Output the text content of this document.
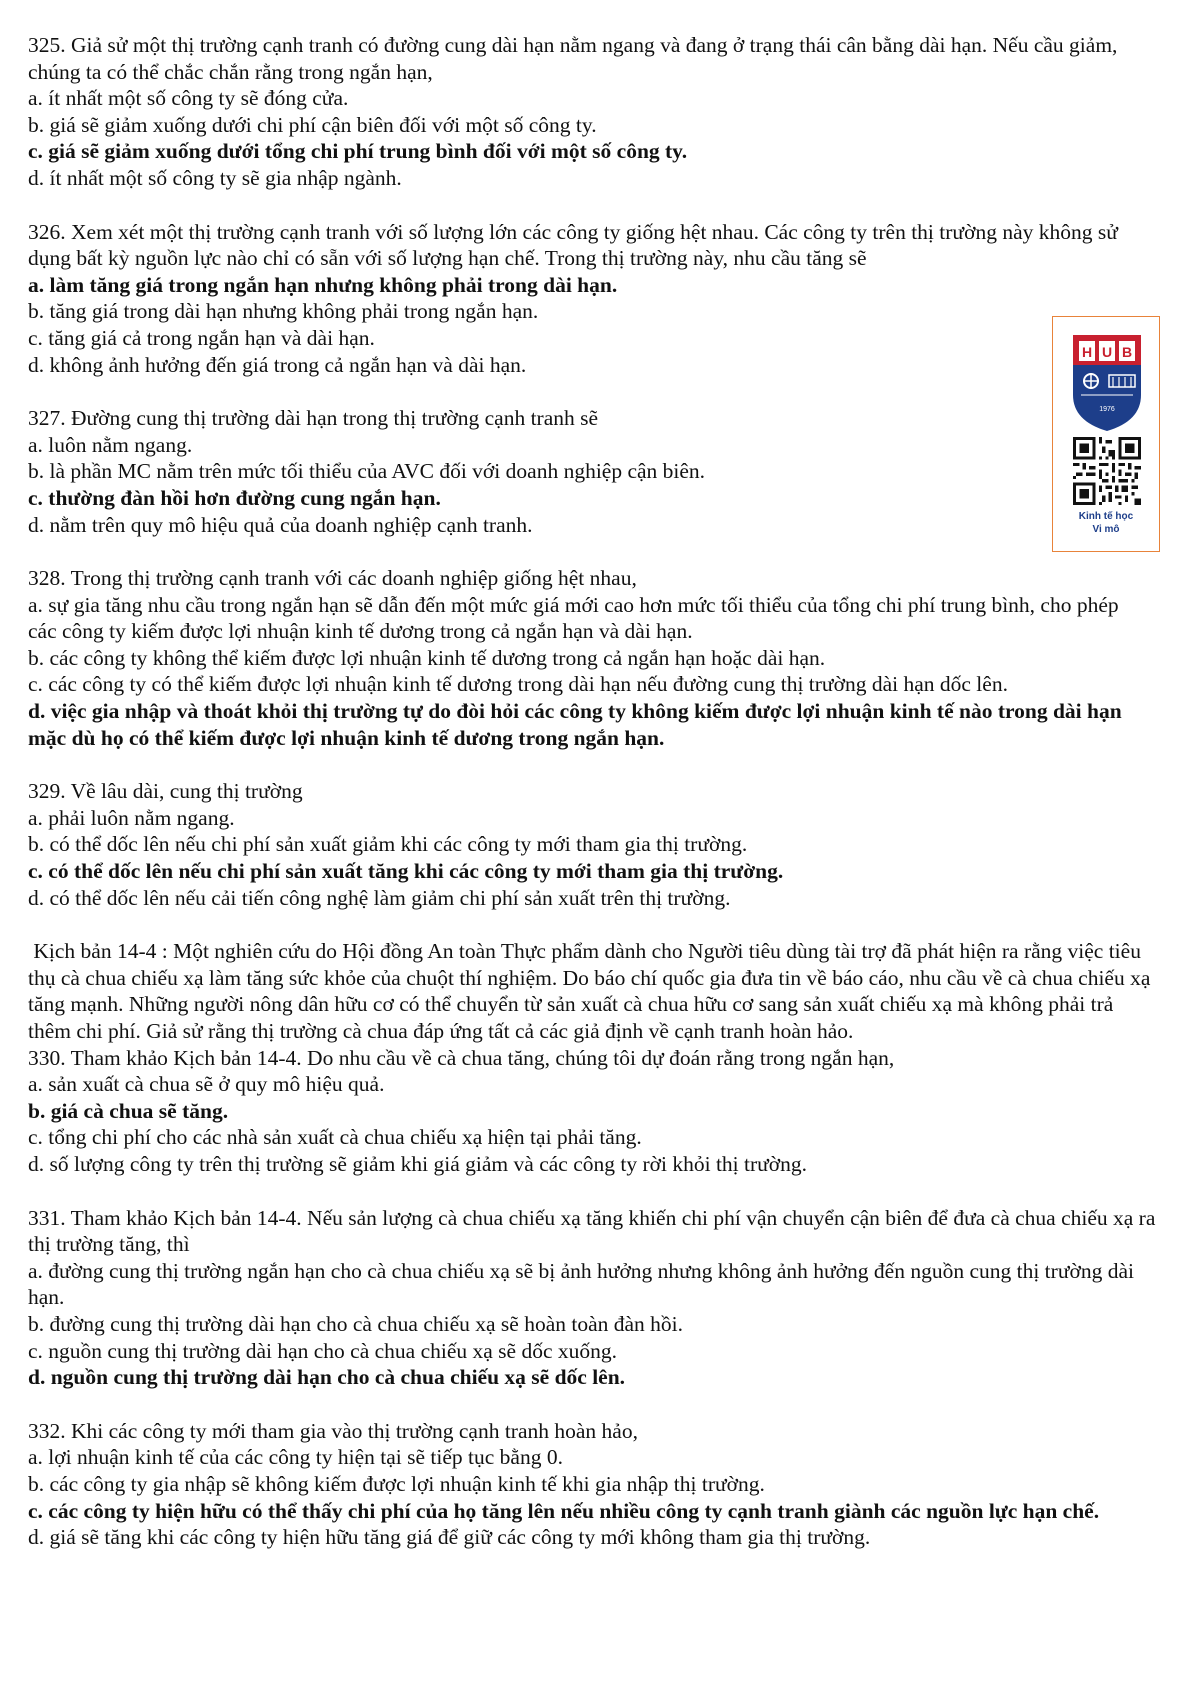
325. Giả sử một thị trường cạnh tranh có đường cung dài hạn nằm ngang và đang ở trạng thái cân bằng dài hạn. Nếu cầu giảm, chúng ta có thể chắc chắn rằng trong ngắn hạn,

a. ít nhất một số công ty sẽ đóng cửa.

b. giá sẽ giảm xuống dưới chi phí cận biên đối với một số công ty.

c. giá sẽ giảm xuống dưới tổng chi phí trung bình đối với một số công ty.

d. ít nhất một số công ty sẽ gia nhập ngành.

326. Xem xét một thị trường cạnh tranh với số lượng lớn các công ty giống hệt nhau. Các công ty trên thị trường này không sử dụng bất kỳ nguồn lực nào chỉ có sẵn với số lượng hạn chế. Trong thị trường này, nhu cầu tăng sẽ

a. làm tăng giá trong ngắn hạn nhưng không phải trong dài hạn.

b. tăng giá trong dài hạn nhưng không phải trong ngắn hạn.

c. tăng giá cả trong ngắn hạn và dài hạn.

d. không ảnh hưởng đến giá trong cả ngắn hạn và dài hạn.

327. Đường cung thị trường dài hạn trong thị trường cạnh tranh sẽ

a. luôn nằm ngang.

b. là phần MC nằm trên mức tối thiểu của AVC đối với doanh nghiệp cận biên.

c. thường đàn hồi hơn đường cung ngắn hạn.

d. nằm trên quy mô hiệu quả của doanh nghiệp cạnh tranh.

328. Trong thị trường cạnh tranh với các doanh nghiệp giống hệt nhau,

a. sự gia tăng nhu cầu trong ngắn hạn sẽ dẫn đến một mức giá mới cao hơn mức tối thiểu của tổng chi phí trung bình, cho phép các công ty kiếm được lợi nhuận kinh tế dương trong cả ngắn hạn và dài hạn.

b. các công ty không thể kiếm được lợi nhuận kinh tế dương trong cả ngắn hạn hoặc dài hạn.

c. các công ty có thể kiếm được lợi nhuận kinh tế dương trong dài hạn nếu đường cung thị trường dài hạn dốc lên.

d. việc gia nhập và thoát khỏi thị trường tự do đòi hỏi các công ty không kiếm được lợi nhuận kinh tế nào trong dài hạn mặc dù họ có thể kiếm được lợi nhuận kinh tế dương trong ngắn hạn.

329. Về lâu dài, cung thị trường

a. phải luôn nằm ngang.

b. có thể dốc lên nếu chi phí sản xuất giảm khi các công ty mới tham gia thị trường.

c. có thể dốc lên nếu chi phí sản xuất tăng khi các công ty mới tham gia thị trường.

d. có thể dốc lên nếu cải tiến công nghệ làm giảm chi phí sản xuất trên thị trường.

Kịch bản 14-4 : Một nghiên cứu do Hội đồng An toàn Thực phẩm dành cho Người tiêu dùng tài trợ đã phát hiện ra rằng việc tiêu thụ cà chua chiếu xạ làm tăng sức khỏe của chuột thí nghiệm. Do báo chí quốc gia đưa tin về báo cáo, nhu cầu về cà chua chiếu xạ tăng mạnh. Những người nông dân hữu cơ có thể chuyển từ sản xuất cà chua hữu cơ sang sản xuất chiếu xạ mà không phải trả thêm chi phí. Giả sử rằng thị trường cà chua đáp ứng tất cả các giả định về cạnh tranh hoàn hảo.

330. Tham khảo Kịch bản 14-4. Do nhu cầu về cà chua tăng, chúng tôi dự đoán rằng trong ngắn hạn,

a. sản xuất cà chua sẽ ở quy mô hiệu quả.

b. giá cà chua sẽ tăng.

c. tổng chi phí cho các nhà sản xuất cà chua chiếu xạ hiện tại phải tăng.

d. số lượng công ty trên thị trường sẽ giảm khi giá giảm và các công ty rời khỏi thị trường.

331. Tham khảo Kịch bản 14-4. Nếu sản lượng cà chua chiếu xạ tăng khiến chi phí vận chuyển cận biên để đưa cà chua chiếu xạ ra thị trường tăng, thì

a. đường cung thị trường ngắn hạn cho cà chua chiếu xạ sẽ bị ảnh hưởng nhưng không ảnh hưởng đến nguồn cung thị trường dài hạn.

b. đường cung thị trường dài hạn cho cà chua chiếu xạ sẽ hoàn toàn đàn hồi.

c. nguồn cung thị trường dài hạn cho cà chua chiếu xạ sẽ dốc xuống.

d. nguồn cung thị trường dài hạn cho cà chua chiếu xạ sẽ dốc lên.

332. Khi các công ty mới tham gia vào thị trường cạnh tranh hoàn hảo,

a. lợi nhuận kinh tế của các công ty hiện tại sẽ tiếp tục bằng 0.

b. các công ty gia nhập sẽ không kiếm được lợi nhuận kinh tế khi gia nhập thị trường.

c. các công ty hiện hữu có thể thấy chi phí của họ tăng lên nếu nhiều công ty cạnh tranh giành các nguồn lực hạn chế.

d. giá sẽ tăng khi các công ty hiện hữu tăng giá để giữ các công ty mới không tham gia thị trường.

H U B
1976
Kinh tế học
Vi mô
